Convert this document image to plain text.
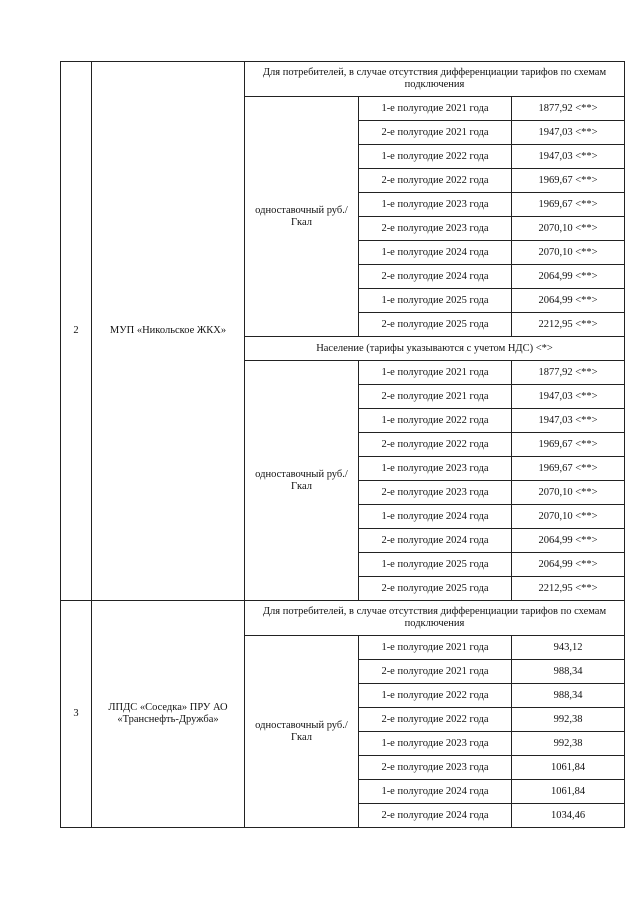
2	МУП «Никольское ЖКХ»	Для потребителей, в случае отсутствия дифференциации тарифов по схемам подключения		
		одноставочный руб./Гкал	1-е полугодие 2021 года	1877,92 <**>
			2-е полугодие 2021 года	1947,03 <**>
			1-е полугодие 2022 года	1947,03 <**>
			2-е полугодие 2022 года	1969,67 <**>
			1-е полугодие 2023 года	1969,67 <**>
			2-е полугодие 2023 года	2070,10 <**>
			1-е полугодие 2024 года	2070,10 <**>
			2-е полугодие 2024 года	2064,99 <**>
			1-е полугодие 2025 года	2064,99 <**>
			2-е полугодие 2025 года	2212,95 <**>
		Население (тарифы указываются с учетом НДС) <*>		
		одноставочный руб./Гкал	1-е полугодие 2021 года	1877,92 <**>
			2-е полугодие 2021 года	1947,03 <**>
			1-е полугодие 2022 года	1947,03 <**>
			2-е полугодие 2022 года	1969,67 <**>
			1-е полугодие 2023 года	1969,67 <**>
			2-е полугодие 2023 года	2070,10 <**>
			1-е полугодие 2024 года	2070,10 <**>
			2-е полугодие 2024 года	2064,99 <**>
			1-е полугодие 2025 года	2064,99 <**>
			2-е полугодие 2025 года	2212,95 <**>
3	ЛПДС «Соседка» ПРУ АО «Транснефть-Дружба»	Для потребителей, в случае отсутствия дифференциации тарифов по схемам подключения		
		одноставочный руб./Гкал	1-е полугодие 2021 года	943,12
			2-е полугодие 2021 года	988,34
			1-е полугодие 2022 года	988,34
			2-е полугодие 2022 года	992,38
			1-е полугодие 2023 года	992,38
			2-е полугодие 2023 года	1061,84
			1-е полугодие 2024 года	1061,84
			2-е полугодие 2024 года	1034,46
